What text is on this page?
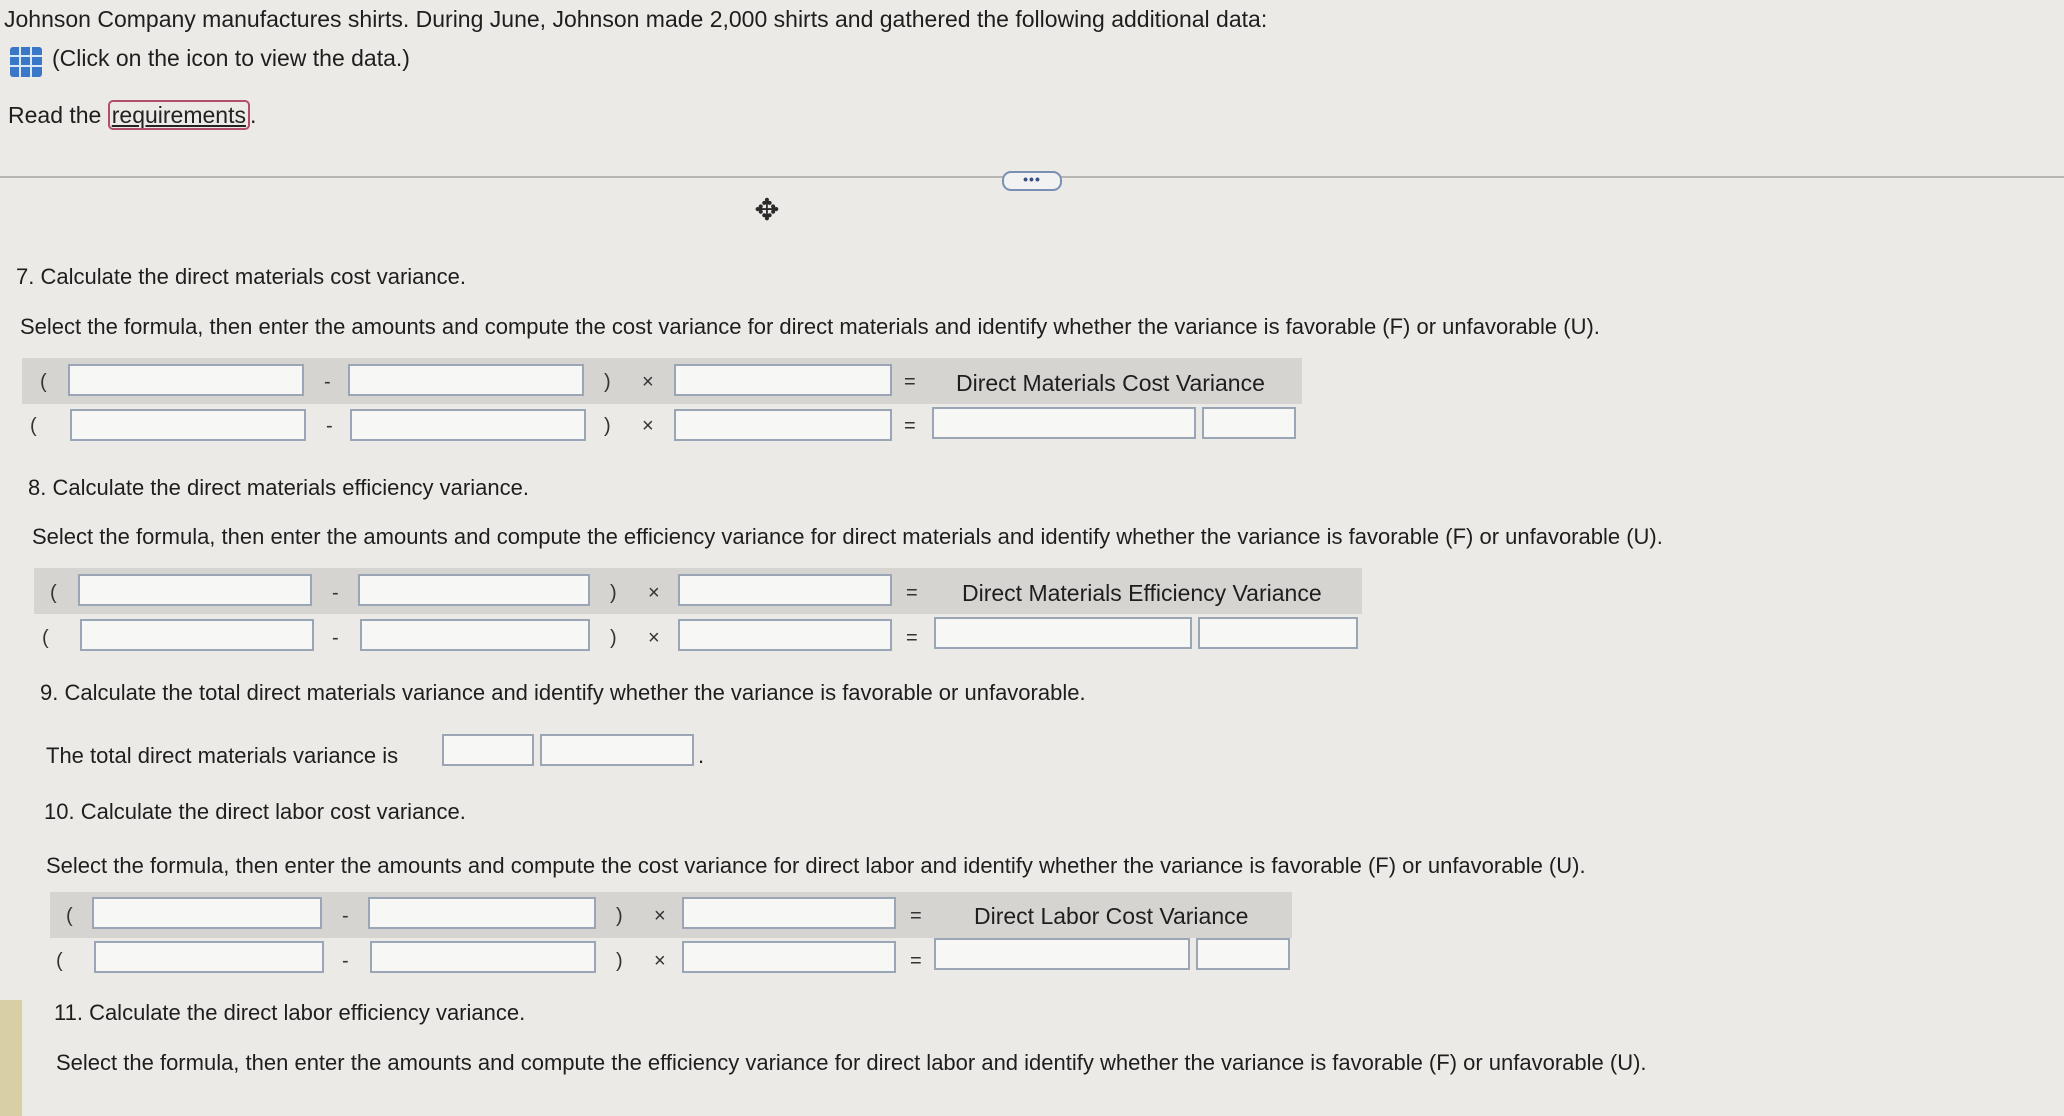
Johnson Company manufactures shirts. During June, Johnson made 2,000 shirts and gathered the following additional data:
(Click on the icon to view the data.)
Read the requirements .
•••
✥
7. Calculate the direct materials cost variance.
Select the formula, then enter the amounts and compute the cost variance for direct materials and identify whether the variance is favorable (F) or unfavorable (U).
(	-	) ×	= Direct Materials Cost Variance
(	-	) ×	=
8. Calculate the direct materials efficiency variance.
Select the formula, then enter the amounts and compute the efficiency variance for direct materials and identify whether the variance is favorable (F) or unfavorable (U).
(	-	) ×	= Direct Materials Efficiency Variance
(	-	) ×	=
9. Calculate the total direct materials variance and identify whether the variance is favorable or unfavorable.
The total direct materials variance is	.
10. Calculate the direct labor cost variance.
Select the formula, then enter the amounts and compute the cost variance for direct labor and identify whether the variance is favorable (F) or unfavorable (U).
(	-	) ×	= Direct Labor Cost Variance
(	-	) ×	=
11. Calculate the direct labor efficiency variance.
Select the formula, then enter the amounts and compute the efficiency variance for direct labor and identify whether the variance is favorable (F) or unfavorable (U).
